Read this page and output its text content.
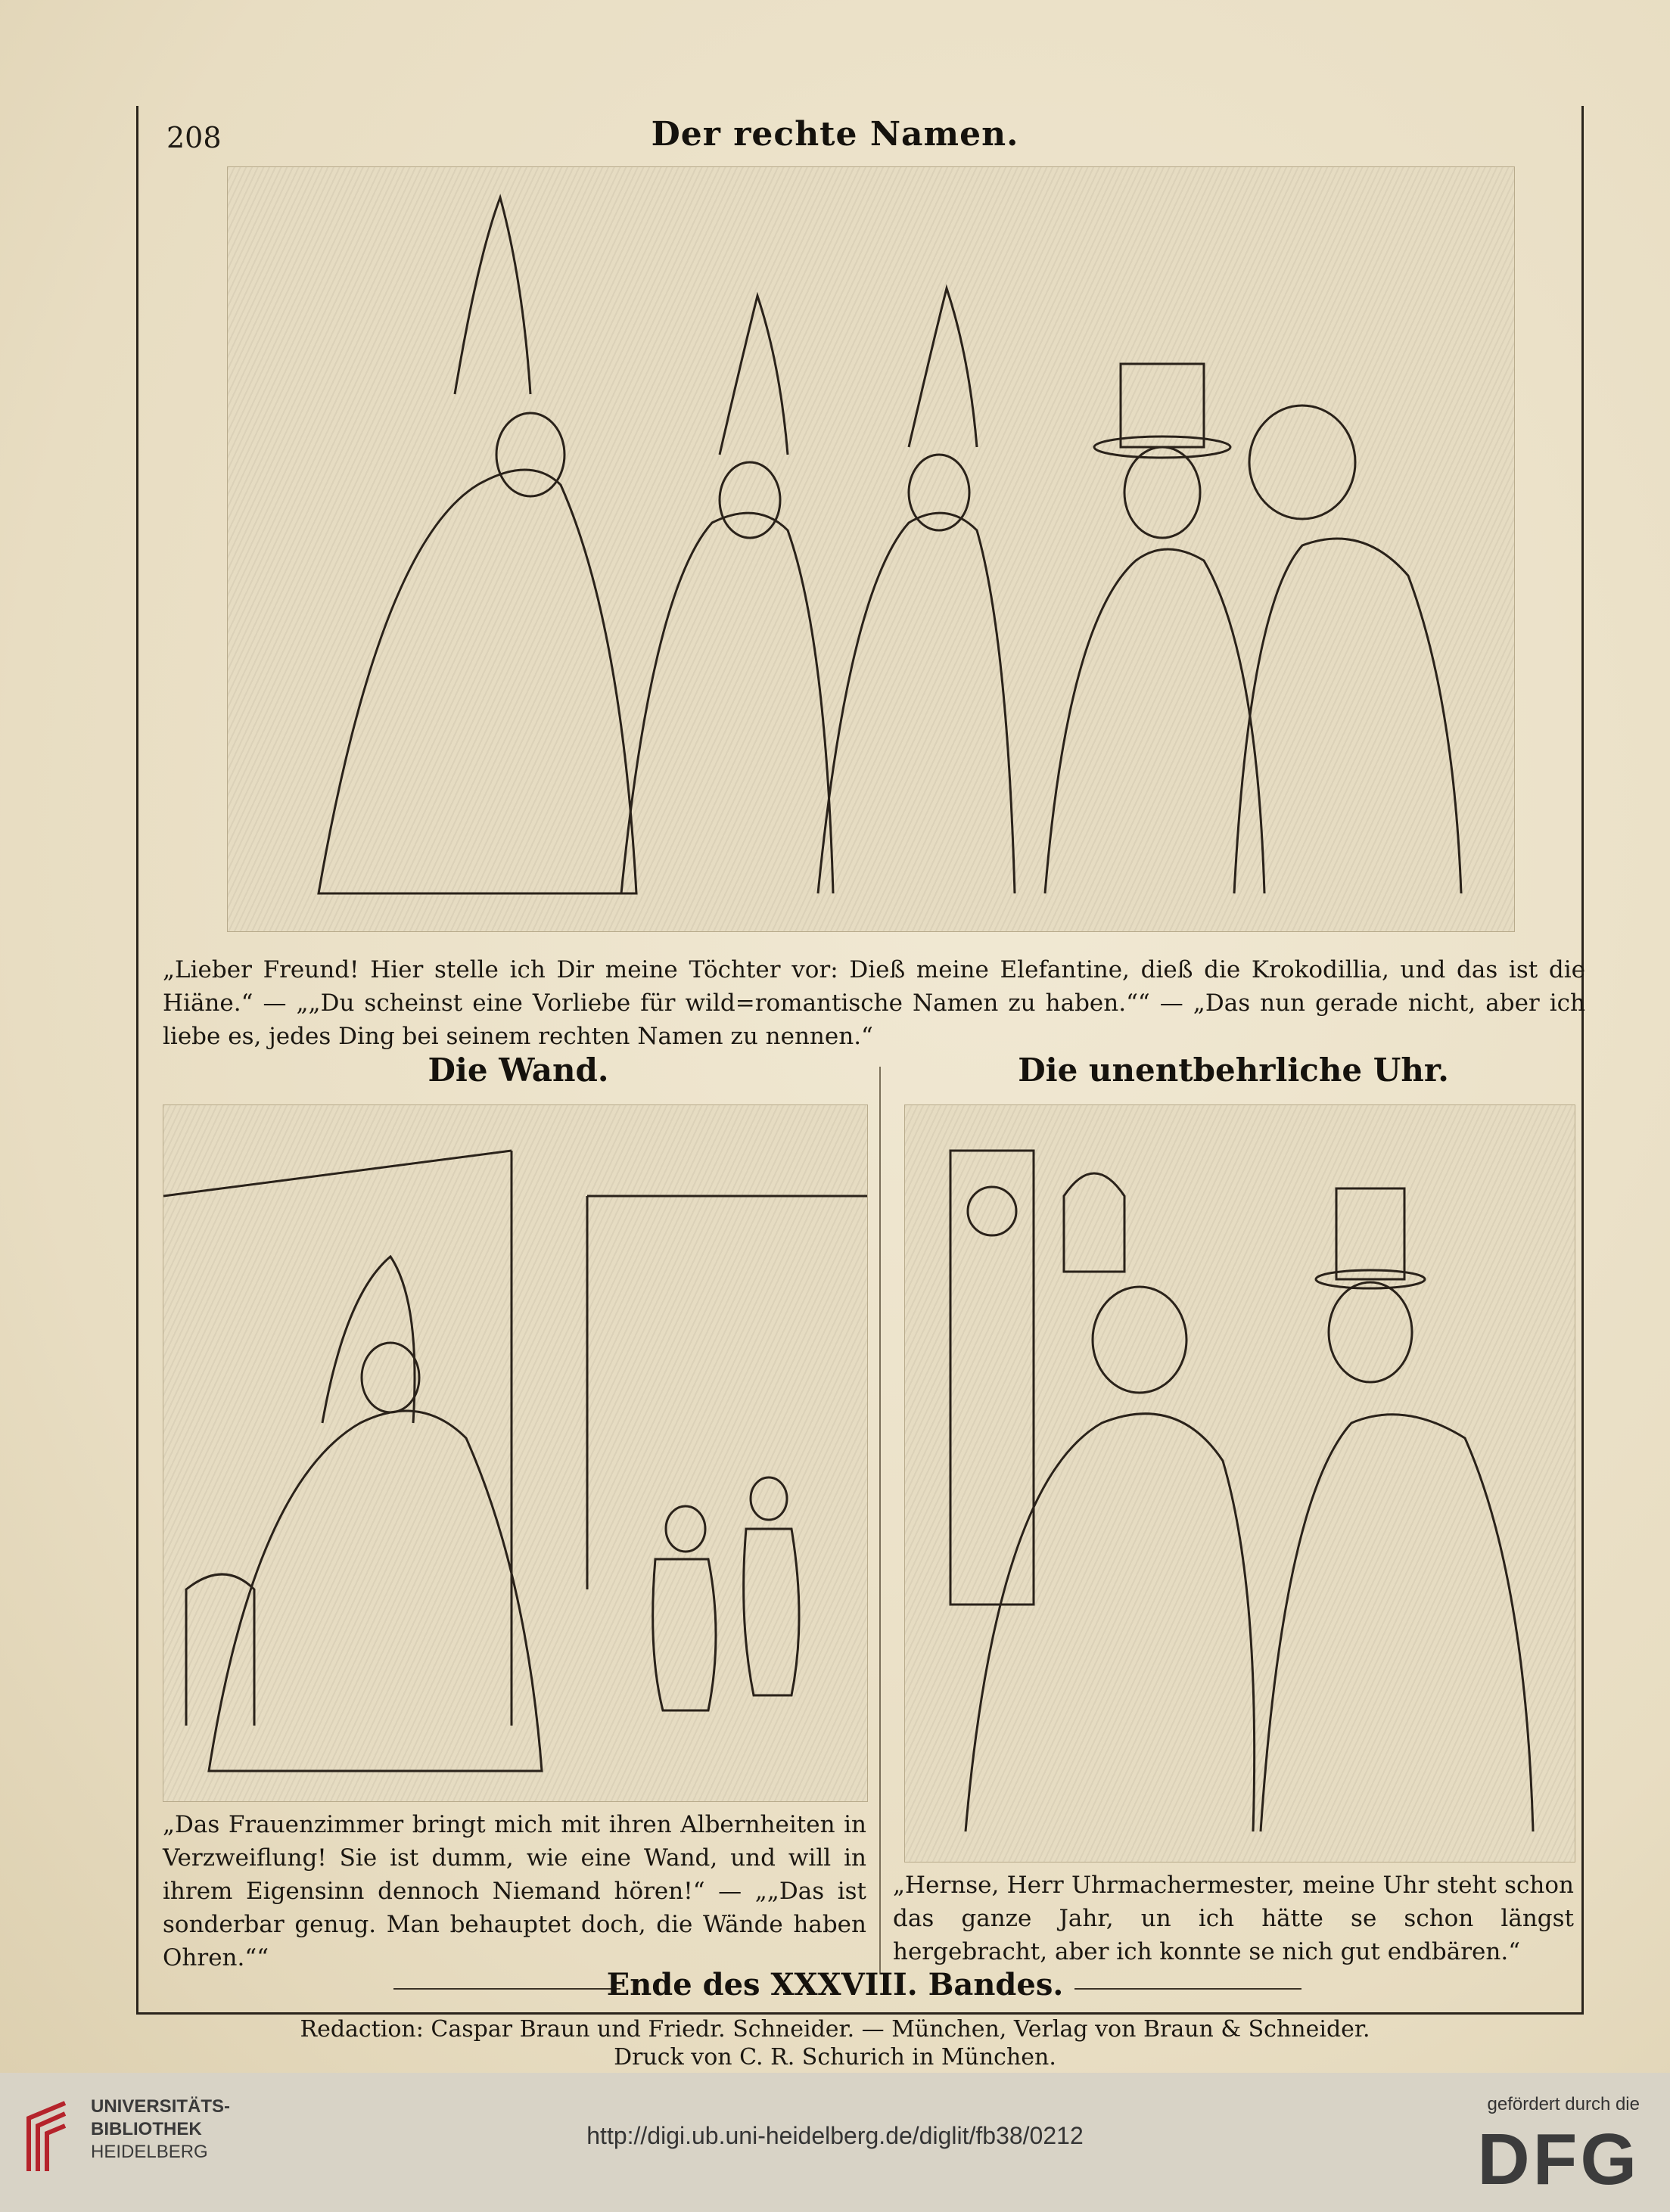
208	Der rechte Namen.
„Lieber Freund! Hier stelle ich Dir meine Töchter vor: Dieß meine Elefantine, dieß die Krokodillia, und das ist die Hiäne.“ — „„Du scheinst eine Vorliebe für wild=romantische Namen zu haben.““ — „Das nun gerade nicht, aber ich liebe es, jedes Ding bei seinem rechten Namen zu nennen.“
Die Wand.
„Das Frauenzimmer bringt mich mit ihren Albernheiten in Verzweiflung! Sie ist dumm, wie eine Wand, und will in ihrem Eigensinn dennoch Niemand hören!“ — „„Das ist sonderbar genug. Man behauptet doch, die Wände haben Ohren.““
Die unentbehrliche Uhr.
„Hernse, Herr Uhrmachermester, meine Uhr steht schon das ganze Jahr, un ich hätte se schon längst hergebracht, aber ich konnte se nich gut endbären.“
Ende des XXXVIII. Bandes.
Redaction: Caspar Braun und Friedr. Schneider. — München, Verlag von Braun & Schneider.
Druck von C. R. Schurich in München.
UNIVERSITÄTS-
BIBLIOTHEK
HEIDELBERG
http://digi.ub.uni-heidelberg.de/diglit/fb38/0212
gefördert durch die
DFG
